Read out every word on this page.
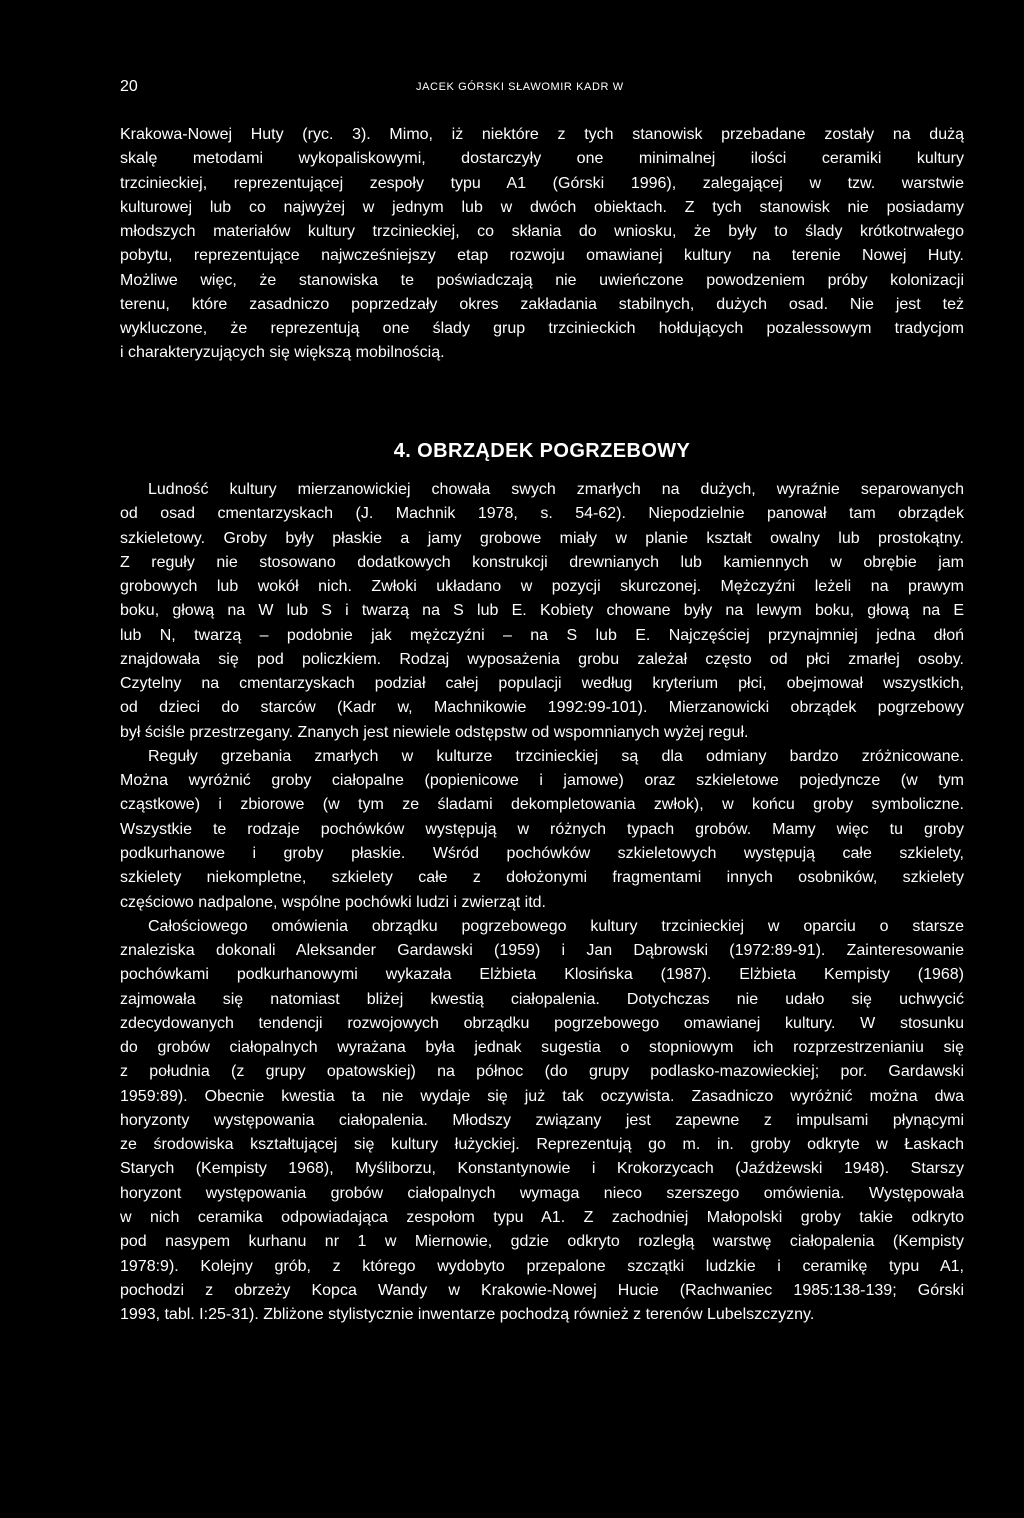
20	JACEK GÓRSKI SŁAWOMIR KADR W
Krakowa-Nowej Huty (ryc. 3). Mimo, iż niektóre z tych stanowisk przebadane zostały na dużą
skalę metodami wykopaliskowymi, dostarczyły one minimalnej ilości ceramiki kultury
trzcinieckiej, reprezentującej zespoły typu A1 (Górski 1996), zalegającej w tzw. warstwie
kulturowej lub co najwyżej w jednym lub w dwóch obiektach. Z tych stanowisk nie posiadamy
młodszych materiałów kultury trzcinieckiej, co skłania do wniosku, że były to ślady krótkotrwałego
pobytu, reprezentujące najwcześniejszy etap rozwoju omawianej kultury na terenie Nowej Huty.
Możliwe więc, że stanowiska te poświadczają nie uwieńczone powodzeniem próby kolonizacji
terenu, które zasadniczo poprzedzały okres zakładania stabilnych, dużych osad. Nie jest też
wykluczone, że reprezentują one ślady grup trzcinieckich hołdujących pozalessowym tradycjom
i charakteryzujących się większą mobilnością.
4. OBRZĄDEK POGRZEBOWY
Ludność kultury mierzanowickiej chowała swych zmarłych na dużych, wyraźnie separowanych
od osad cmentarzyskach (J. Machnik 1978, s. 54-62). Niepodzielnie panował tam obrządek
szkieletowy. Groby były płaskie a jamy grobowe miały w planie kształt owalny lub prostokątny.
Z reguły nie stosowano dodatkowych konstrukcji drewnianych lub kamiennych w obrębie jam
grobowych lub wokół nich. Zwłoki układano w pozycji skurczonej. Mężczyźni leżeli na prawym
boku, głową na W lub S i twarzą na S lub E. Kobiety chowane były na lewym boku, głową na E
lub N, twarzą – podobnie jak mężczyźni – na S lub E. Najczęściej przynajmniej jedna dłoń
znajdowała się pod policzkiem. Rodzaj wyposażenia grobu zależał często od płci zmarłej osoby.
Czytelny na cmentarzyskach podział całej populacji według kryterium płci, obejmował wszystkich,
od dzieci do starców (Kadr w, Machnikowie 1992:99-101). Mierzanowicki obrządek pogrzebowy
był ściśle przestrzegany. Znanych jest niewiele odstępstw od wspomnianych wyżej reguł.
Reguły grzebania zmarłych w kulturze trzcinieckiej są dla odmiany bardzo zróżnicowane.
Można wyróżnić groby ciałopalne (popienicowe i jamowe) oraz szkieletowe pojedyncze (w tym
cząstkowe) i zbiorowe (w tym ze śladami dekompletowania zwłok), w końcu groby symboliczne.
Wszystkie te rodzaje pochówków występują w różnych typach grobów. Mamy więc tu groby
podkurhanowe i groby płaskie. Wśród pochówków szkieletowych występują całe szkielety,
szkielety niekompletne, szkielety całe z dołożonymi fragmentami innych osobników, szkielety
częściowo nadpalone, wspólne pochówki ludzi i zwierząt itd.
Całościowego omówienia obrządku pogrzebowego kultury trzcinieckiej w oparciu o starsze
znaleziska dokonali Aleksander Gardawski (1959) i Jan Dąbrowski (1972:89-91). Zainteresowanie
pochówkami podkurhanowymi wykazała Elżbieta Klosińska (1987). Elżbieta Kempisty (1968)
zajmowała się natomiast bliżej kwestią ciałopalenia. Dotychczas nie udało się uchwycić
zdecydowanych tendencji rozwojowych obrządku pogrzebowego omawianej kultury. W stosunku
do grobów ciałopalnych wyrażana była jednak sugestia o stopniowym ich rozprzestrzenianiu się
z południa (z grupy opatowskiej) na północ (do grupy podlasko-mazowieckiej; por. Gardawski
1959:89). Obecnie kwestia ta nie wydaje się już tak oczywista. Zasadniczo wyróżnić można dwa
horyzonty występowania ciałopalenia. Młodszy związany jest zapewne z impulsami płynącymi
ze środowiska kształtującej się kultury łużyckiej. Reprezentują go m. in. groby odkryte w Łaskach
Starych (Kempisty 1968), Myśliborzu, Konstantynowie i Krokorzycach (Jaźdżewski 1948). Starszy
horyzont występowania grobów ciałopalnych wymaga nieco szerszego omówienia. Występowała
w nich ceramika odpowiadająca zespołom typu A1. Z zachodniej Małopolski groby takie odkryto
pod nasypem kurhanu nr 1 w Miernowie, gdzie odkryto rozległą warstwę ciałopalenia (Kempisty
1978:9). Kolejny grób, z którego wydobyto przepalone szczątki ludzkie i ceramikę typu A1,
pochodzi z obrzeży Kopca Wandy w Krakowie-Nowej Hucie (Rachwaniec 1985:138-139; Górski
1993, tabl. I:25-31). Zbliżone stylistycznie inwentarze pochodzą również z terenów Lubelszczyzny.
